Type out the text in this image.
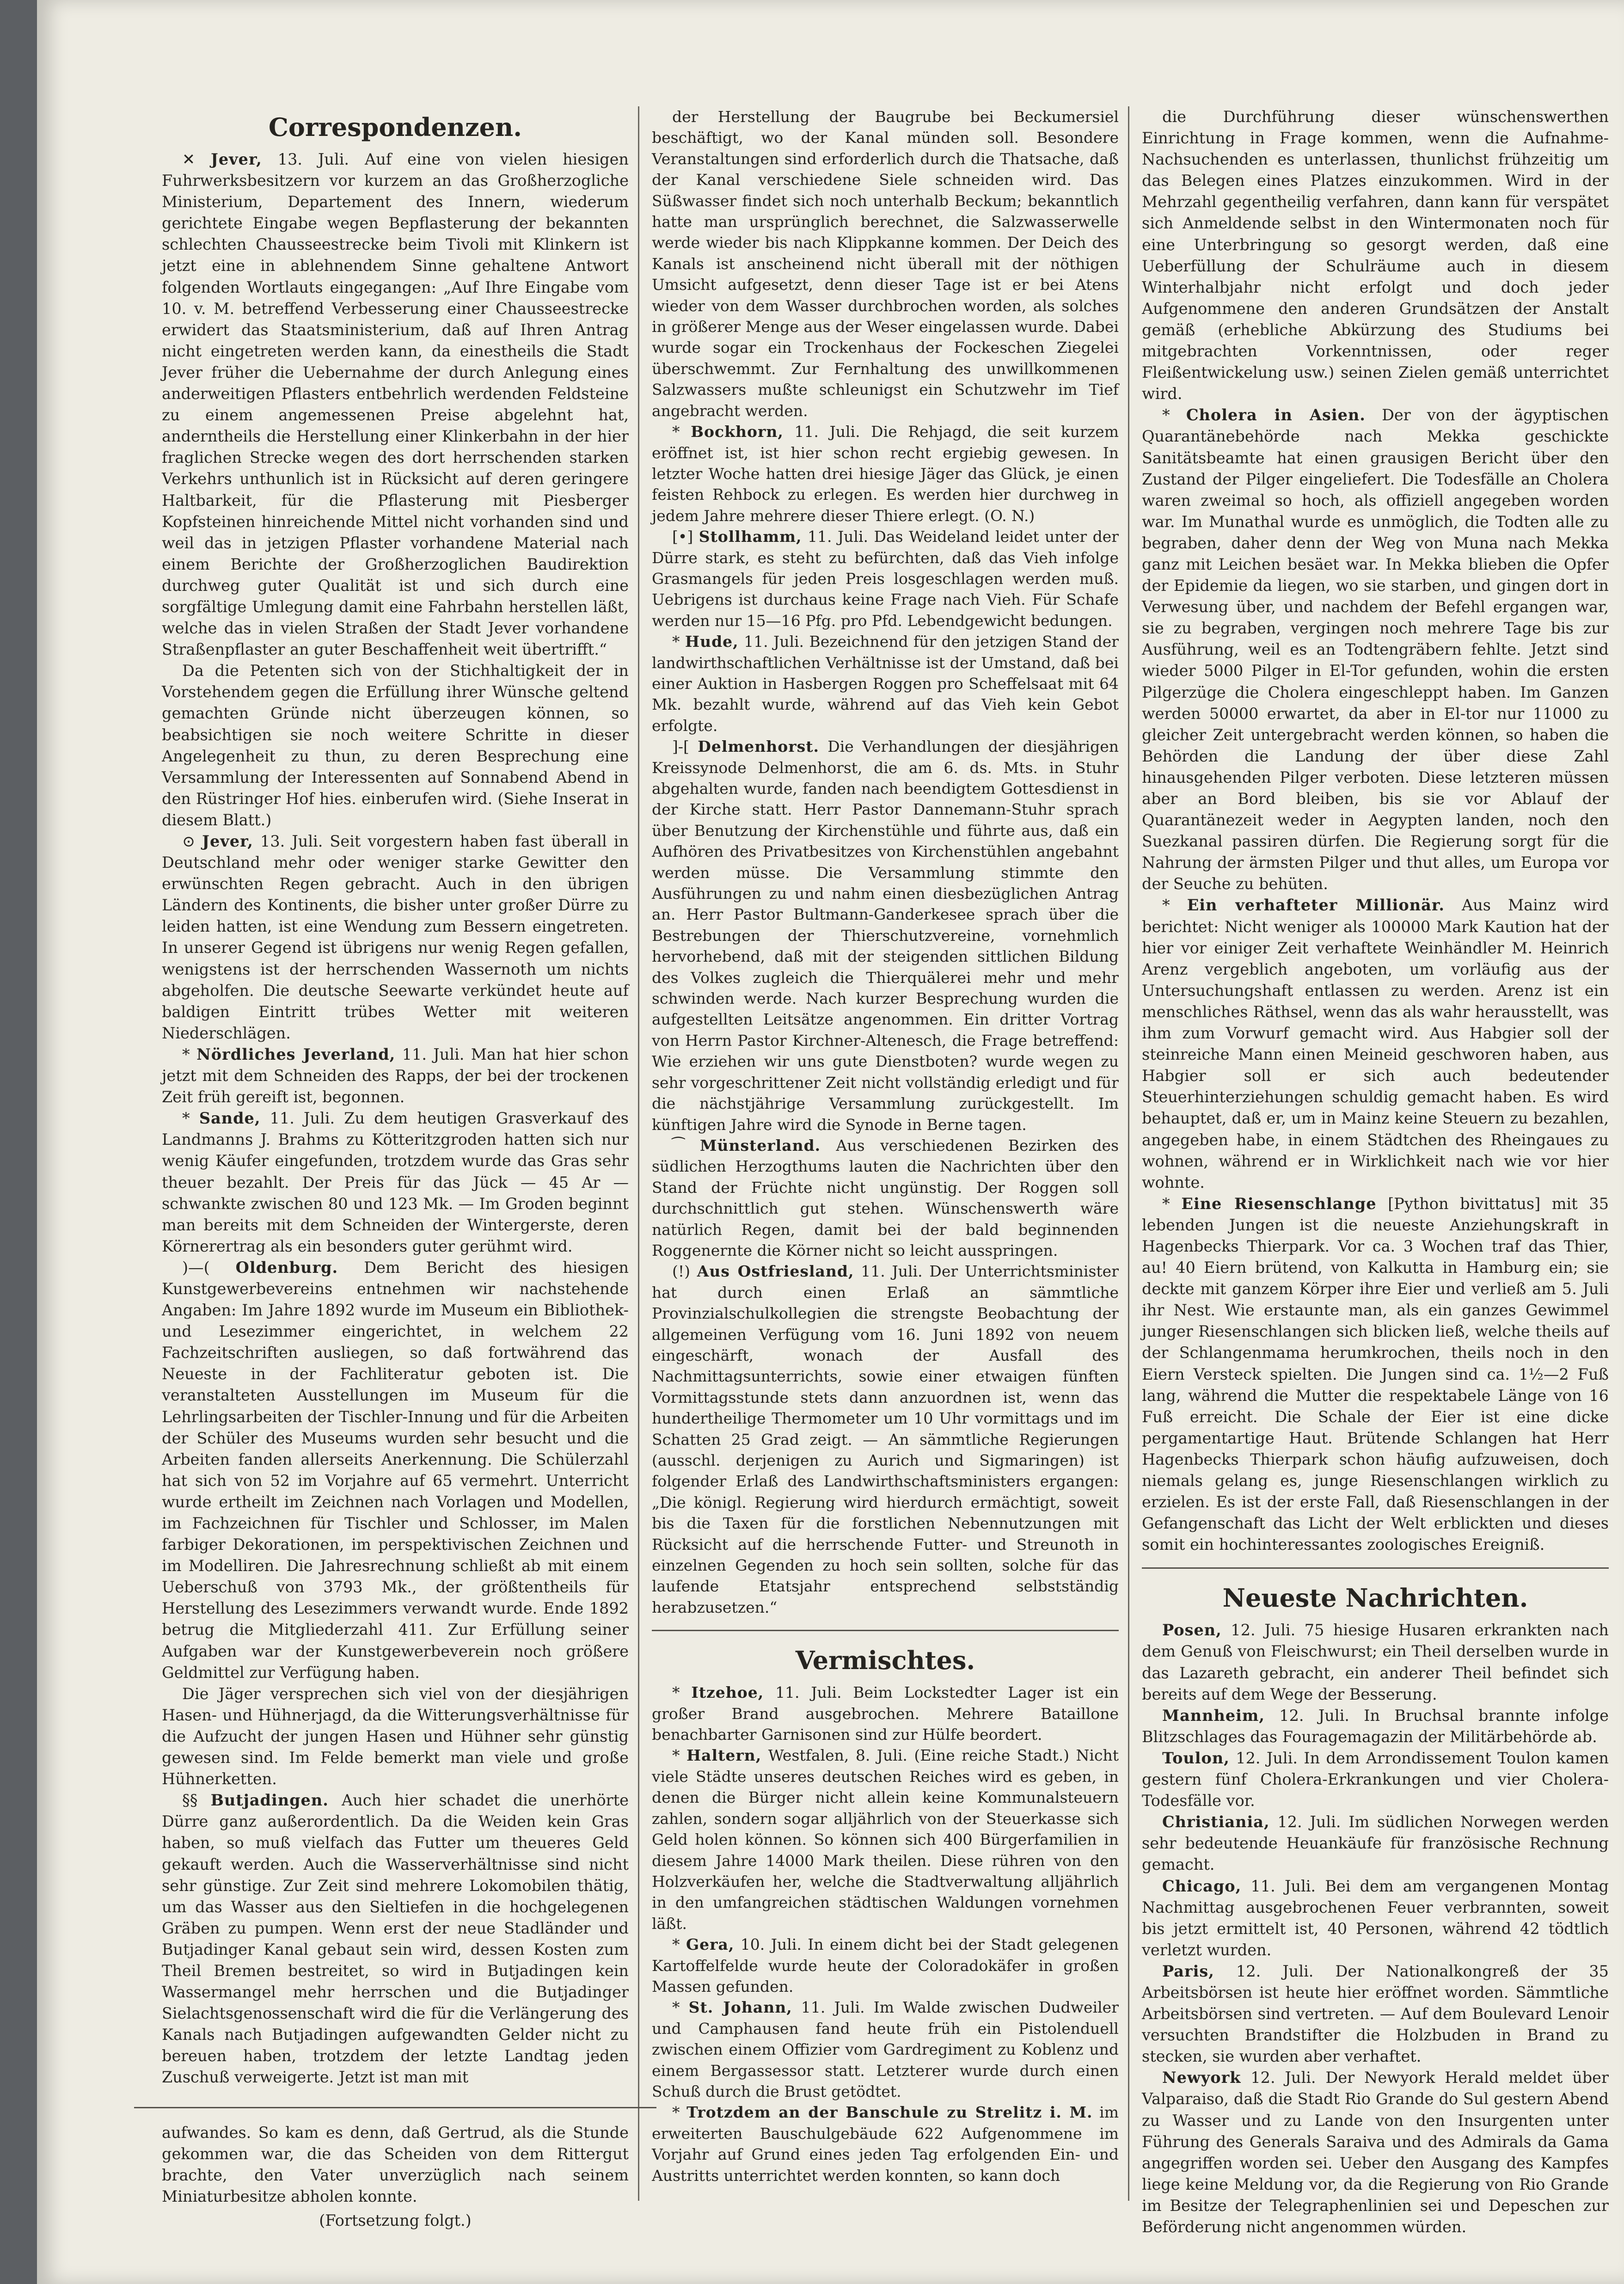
Correspondenzen.

✕ Jever, 13. Juli. Auf eine von vielen hiesigen Fuhrwerksbesitzern vor kurzem an das Großherzogliche Ministerium, Departement des Innern, wiederum gerichtete Eingabe wegen Bepflasterung der bekannten schlechten Chausseestrecke beim Tivoli mit Klinkern ist jetzt eine in ablehnendem Sinne gehaltene Antwort folgenden Wortlauts eingegangen: „Auf Ihre Eingabe vom 10. v. M. betreffend Verbesserung einer Chausseestrecke erwidert das Staatsministerium, daß auf Ihren Antrag nicht eingetreten werden kann, da einestheils die Stadt Jever früher die Uebernahme der durch Anlegung eines anderweitigen Pflasters entbehrlich werdenden Feldsteine zu einem angemessenen Preise abgelehnt hat, anderntheils die Herstellung einer Klinkerbahn in der hier fraglichen Strecke wegen des dort herrschenden starken Verkehrs unthunlich ist in Rücksicht auf deren geringere Haltbarkeit, für die Pflasterung mit Piesberger Kopfsteinen hinreichende Mittel nicht vorhanden sind und weil das in jetzigen Pflaster vorhandene Material nach einem Berichte der Großherzoglichen Baudirektion durchweg guter Qualität ist und sich durch eine sorgfältige Umlegung damit eine Fahrbahn herstellen läßt, welche das in vielen Straßen der Stadt Jever vorhandene Straßenpflaster an guter Beschaffenheit weit übertrifft.“

Da die Petenten sich von der Stichhaltigkeit der in Vorstehendem gegen die Erfüllung ihrer Wünsche geltend gemachten Gründe nicht überzeugen können, so beabsichtigen sie noch weitere Schritte in dieser Angelegenheit zu thun, zu deren Besprechung eine Versammlung der Interessenten auf Sonnabend Abend in den Rüstringer Hof hies. einberufen wird. (Siehe Inserat in diesem Blatt.)

⊙ Jever, 13. Juli. Seit vorgestern haben fast überall in Deutschland mehr oder weniger starke Gewitter den erwünschten Regen gebracht. Auch in den übrigen Ländern des Kontinents, die bisher unter großer Dürre zu leiden hatten, ist eine Wendung zum Bessern eingetreten. In unserer Gegend ist übrigens nur wenig Regen gefallen, wenigstens ist der herrschenden Wassernoth um nichts abgeholfen. Die deutsche Seewarte verkündet heute auf baldigen Eintritt trübes Wetter mit weiteren Niederschlägen.

* Nördliches Jeverland, 11. Juli. Man hat hier schon jetzt mit dem Schneiden des Rapps, der bei der trockenen Zeit früh gereift ist, begonnen.

* Sande, 11. Juli. Zu dem heutigen Grasverkauf des Landmanns J. Brahms zu Kötteritzgroden hatten sich nur wenig Käufer eingefunden, trotzdem wurde das Gras sehr theuer bezahlt. Der Preis für das Jück — 45 Ar — schwankte zwischen 80 und 123 Mk. — Im Groden beginnt man bereits mit dem Schneiden der Wintergerste, deren Körnerertrag als ein besonders guter gerühmt wird.

)—( Oldenburg. Dem Bericht des hiesigen Kunstgewerbevereins entnehmen wir nachstehende Angaben: Im Jahre 1892 wurde im Museum ein Bibliothek- und Lesezimmer eingerichtet, in welchem 22 Fachzeitschriften ausliegen, so daß fortwährend das Neueste in der Fachliteratur geboten ist. Die veranstalteten Ausstellungen im Museum für die Lehrlingsarbeiten der Tischler-Innung und für die Arbeiten der Schüler des Museums wurden sehr besucht und die Arbeiten fanden allerseits Anerkennung. Die Schülerzahl hat sich von 52 im Vorjahre auf 65 vermehrt. Unterricht wurde ertheilt im Zeichnen nach Vorlagen und Modellen, im Fachzeichnen für Tischler und Schlosser, im Malen farbiger Dekorationen, im perspektivischen Zeichnen und im Modelliren. Die Jahresrechnung schließt ab mit einem Ueberschuß von 3793 Mk., der größtentheils für Herstellung des Lesezimmers verwandt wurde. Ende 1892 betrug die Mitgliederzahl 411. Zur Erfüllung seiner Aufgaben war der Kunstgewerbeverein noch größere Geldmittel zur Verfügung haben.

Die Jäger versprechen sich viel von der diesjährigen Hasen- und Hühnerjagd, da die Witterungsverhältnisse für die Aufzucht der jungen Hasen und Hühner sehr günstig gewesen sind. Im Felde bemerkt man viele und große Hühnerketten.

§§ Butjadingen. Auch hier schadet die unerhörte Dürre ganz außerordentlich. Da die Weiden kein Gras haben, so muß vielfach das Futter um theueres Geld gekauft werden. Auch die Wasserverhältnisse sind nicht sehr günstige. Zur Zeit sind mehrere Lokomobilen thätig, um das Wasser aus den Sieltiefen in die hochgelegenen Gräben zu pumpen. Wenn erst der neue Stadländer und Butjadinger Kanal gebaut sein wird, dessen Kosten zum Theil Bremen bestreitet, so wird in Butjadingen kein Wassermangel mehr herrschen und die Butjadinger Sielachtsgenossenschaft wird die für die Verlängerung des Kanals nach Butjadingen aufgewandten Gelder nicht zu bereuen haben, trotzdem der letzte Landtag jeden Zuschuß verweigerte. Jetzt ist man mit

aufwandes. So kam es denn, daß Gertrud, als die Stunde gekommen war, die das Scheiden von dem Rittergut brachte, den Vater unverzüglich nach seinem Miniaturbesitze abholen konnte.

(Fortsetzung folgt.)

der Herstellung der Baugrube bei Beckumersiel beschäftigt, wo der Kanal münden soll. Besondere Veranstaltungen sind erforderlich durch die Thatsache, daß der Kanal verschiedene Siele schneiden wird. Das Süßwasser findet sich noch unterhalb Beckum; bekanntlich hatte man ursprünglich berechnet, die Salzwasserwelle werde wieder bis nach Klippkanne kommen. Der Deich des Kanals ist anscheinend nicht überall mit der nöthigen Umsicht aufgesetzt, denn dieser Tage ist er bei Atens wieder von dem Wasser durchbrochen worden, als solches in größerer Menge aus der Weser eingelassen wurde. Dabei wurde sogar ein Trockenhaus der Fockeschen Ziegelei überschwemmt. Zur Fernhaltung des unwillkommenen Salzwassers mußte schleunigst ein Schutzwehr im Tief angebracht werden.

* Bockhorn, 11. Juli. Die Rehjagd, die seit kurzem eröffnet ist, ist hier schon recht ergiebig gewesen. In letzter Woche hatten drei hiesige Jäger das Glück, je einen feisten Rehbock zu erlegen. Es werden hier durchweg in jedem Jahre mehrere dieser Thiere erlegt. (O. N.)

[•] Stollhamm, 11. Juli. Das Weideland leidet unter der Dürre stark, es steht zu befürchten, daß das Vieh infolge Grasmangels für jeden Preis losgeschlagen werden muß. Uebrigens ist durchaus keine Frage nach Vieh. Für Schafe werden nur 15—16 Pfg. pro Pfd. Lebendgewicht bedungen.

* Hude, 11. Juli. Bezeichnend für den jetzigen Stand der landwirthschaftlichen Verhältnisse ist der Umstand, daß bei einer Auktion in Hasbergen Roggen pro Scheffelsaat mit 64 Mk. bezahlt wurde, während auf das Vieh kein Gebot erfolgte.

]-[ Delmenhorst. Die Verhandlungen der diesjährigen Kreissynode Delmenhorst, die am 6. ds. Mts. in Stuhr abgehalten wurde, fanden nach beendigtem Gottesdienst in der Kirche statt. Herr Pastor Dannemann-Stuhr sprach über Benutzung der Kirchenstühle und führte aus, daß ein Aufhören des Privatbesitzes von Kirchenstühlen angebahnt werden müsse. Die Versammlung stimmte den Ausführungen zu und nahm einen diesbezüglichen Antrag an. Herr Pastor Bultmann-Ganderkesee sprach über die Bestrebungen der Thierschutzvereine, vornehmlich hervorhebend, daß mit der steigenden sittlichen Bildung des Volkes zugleich die Thierquälerei mehr und mehr schwinden werde. Nach kurzer Besprechung wurden die aufgestellten Leitsätze angenommen. Ein dritter Vortrag von Herrn Pastor Kirchner-Altenesch, die Frage betreffend: Wie erziehen wir uns gute Dienstboten? wurde wegen zu sehr vorgeschrittener Zeit nicht vollständig erledigt und für die nächstjährige Versammlung zurückgestellt. Im künftigen Jahre wird die Synode in Berne tagen.

⁀ Münsterland. Aus verschiedenen Bezirken des südlichen Herzogthums lauten die Nachrichten über den Stand der Früchte nicht ungünstig. Der Roggen soll durchschnittlich gut stehen. Wünschenswerth wäre natürlich Regen, damit bei der bald beginnenden Roggenernte die Körner nicht so leicht ausspringen.

(!) Aus Ostfriesland, 11. Juli. Der Unterrichtsminister hat durch einen Erlaß an sämmtliche Provinzialschulkollegien die strengste Beobachtung der allgemeinen Verfügung vom 16. Juni 1892 von neuem eingeschärft, wonach der Ausfall des Nachmittagsunterrichts, sowie einer etwaigen fünften Vormittagsstunde stets dann anzuordnen ist, wenn das hundertheilige Thermometer um 10 Uhr vormittags und im Schatten 25 Grad zeigt. — An sämmtliche Regierungen (ausschl. derjenigen zu Aurich und Sigmaringen) ist folgender Erlaß des Landwirthschaftsministers ergangen: „Die königl. Regierung wird hierdurch ermächtigt, soweit bis die Taxen für die forstlichen Nebennutzungen mit Rücksicht auf die herrschende Futter- und Streunoth in einzelnen Gegenden zu hoch sein sollten, solche für das laufende Etatsjahr entsprechend selbstständig herabzusetzen.“

Vermischtes.

* Itzehoe, 11. Juli. Beim Lockstedter Lager ist ein großer Brand ausgebrochen. Mehrere Bataillone benachbarter Garnisonen sind zur Hülfe beordert.

* Haltern, Westfalen, 8. Juli. (Eine reiche Stadt.) Nicht viele Städte unseres deutschen Reiches wird es geben, in denen die Bürger nicht allein keine Kommunalsteuern zahlen, sondern sogar alljährlich von der Steuerkasse sich Geld holen können. So können sich 400 Bürgerfamilien in diesem Jahre 14000 Mark theilen. Diese rühren von den Holzverkäufen her, welche die Stadtverwaltung alljährlich in den umfangreichen städtischen Waldungen vornehmen läßt.

* Gera, 10. Juli. In einem dicht bei der Stadt gelegenen Kartoffelfelde wurde heute der Coloradokäfer in großen Massen gefunden.

* St. Johann, 11. Juli. Im Walde zwischen Dudweiler und Camphausen fand heute früh ein Pistolenduell zwischen einem Offizier vom Gardregiment zu Koblenz und einem Bergassessor statt. Letzterer wurde durch einen Schuß durch die Brust getödtet.

* Trotzdem an der Banschule zu Strelitz i. M. im erweiterten Bauschulgebäude 622 Aufgenommene im Vorjahr auf Grund eines jeden Tag erfolgenden Ein- und Austritts unterrichtet werden konnten, so kann doch

die Durchführung dieser wünschenswerthen Einrichtung in Frage kommen, wenn die Aufnahme-Nachsuchenden es unterlassen, thunlichst frühzeitig um das Belegen eines Platzes einzukommen. Wird in der Mehrzahl gegentheilig verfahren, dann kann für verspätet sich Anmeldende selbst in den Wintermonaten noch für eine Unterbringung so gesorgt werden, daß eine Ueberfüllung der Schulräume auch in diesem Winterhalbjahr nicht erfolgt und doch jeder Aufgenommene den anderen Grundsätzen der Anstalt gemäß (erhebliche Abkürzung des Studiums bei mitgebrachten Vorkenntnissen, oder reger Fleißentwickelung usw.) seinen Zielen gemäß unterrichtet wird.

* Cholera in Asien. Der von der ägyptischen Quarantänebehörde nach Mekka geschickte Sanitätsbeamte hat einen grausigen Bericht über den Zustand der Pilger eingeliefert. Die Todesfälle an Cholera waren zweimal so hoch, als offiziell angegeben worden war. Im Munathal wurde es unmöglich, die Todten alle zu begraben, daher denn der Weg von Muna nach Mekka ganz mit Leichen besäet war. In Mekka blieben die Opfer der Epidemie da liegen, wo sie starben, und gingen dort in Verwesung über, und nachdem der Befehl ergangen war, sie zu begraben, vergingen noch mehrere Tage bis zur Ausführung, weil es an Todtengräbern fehlte. Jetzt sind wieder 5000 Pilger in El-Tor gefunden, wohin die ersten Pilgerzüge die Cholera eingeschleppt haben. Im Ganzen werden 50000 erwartet, da aber in El-tor nur 11000 zu gleicher Zeit untergebracht werden können, so haben die Behörden die Landung der über diese Zahl hinausgehenden Pilger verboten. Diese letzteren müssen aber an Bord bleiben, bis sie vor Ablauf der Quarantänezeit weder in Aegypten landen, noch den Suezkanal passiren dürfen. Die Regierung sorgt für die Nahrung der ärmsten Pilger und thut alles, um Europa vor der Seuche zu behüten.

* Ein verhafteter Millionär. Aus Mainz wird berichtet: Nicht weniger als 100000 Mark Kaution hat der hier vor einiger Zeit verhaftete Weinhändler M. Heinrich Arenz vergeblich angeboten, um vorläufig aus der Untersuchungshaft entlassen zu werden. Arenz ist ein menschliches Räthsel, wenn das als wahr herausstellt, was ihm zum Vorwurf gemacht wird. Aus Habgier soll der steinreiche Mann einen Meineid geschworen haben, aus Habgier soll er sich auch bedeutender Steuerhinterziehungen schuldig gemacht haben. Es wird behauptet, daß er, um in Mainz keine Steuern zu bezahlen, angegeben habe, in einem Städtchen des Rheingaues zu wohnen, während er in Wirklichkeit nach wie vor hier wohnte.

* Eine Riesenschlange [Python bivittatus] mit 35 lebenden Jungen ist die neueste Anziehungskraft in Hagenbecks Thierpark. Vor ca. 3 Wochen traf das Thier, au! 40 Eiern brütend, von Kalkutta in Hamburg ein; sie deckte mit ganzem Körper ihre Eier und verließ am 5. Juli ihr Nest. Wie erstaunte man, als ein ganzes Gewimmel junger Riesenschlangen sich blicken ließ, welche theils auf der Schlangenmama herumkrochen, theils noch in den Eiern Versteck spielten. Die Jungen sind ca. 1½—2 Fuß lang, während die Mutter die respektabele Länge von 16 Fuß erreicht. Die Schale der Eier ist eine dicke pergamentartige Haut. Brütende Schlangen hat Herr Hagenbecks Thierpark schon häufig aufzuweisen, doch niemals gelang es, junge Riesenschlangen wirklich zu erzielen. Es ist der erste Fall, daß Riesenschlangen in der Gefangenschaft das Licht der Welt erblickten und dieses somit ein hochinteressantes zoologisches Ereigniß.

Neueste Nachrichten.

Posen, 12. Juli. 75 hiesige Husaren erkrankten nach dem Genuß von Fleischwurst; ein Theil derselben wurde in das Lazareth gebracht, ein anderer Theil befindet sich bereits auf dem Wege der Besserung.

Mannheim, 12. Juli. In Bruchsal brannte infolge Blitzschlages das Fouragemagazin der Militärbehörde ab.

Toulon, 12. Juli. In dem Arrondissement Toulon kamen gestern fünf Cholera-Erkrankungen und vier Cholera-Todesfälle vor.

Christiania, 12. Juli. Im südlichen Norwegen werden sehr bedeutende Heuankäufe für französische Rechnung gemacht.

Chicago, 11. Juli. Bei dem am vergangenen Montag Nachmittag ausgebrochenen Feuer verbrannten, soweit bis jetzt ermittelt ist, 40 Personen, während 42 tödtlich verletzt wurden.

Paris, 12. Juli. Der Nationalkongreß der 35 Arbeitsbörsen ist heute hier eröffnet worden. Sämmtliche Arbeitsbörsen sind vertreten. — Auf dem Boulevard Lenoir versuchten Brandstifter die Holzbuden in Brand zu stecken, sie wurden aber verhaftet.

Newyork 12. Juli. Der Newyork Herald meldet über Valparaiso, daß die Stadt Rio Grande do Sul gestern Abend zu Wasser und zu Lande von den Insurgenten unter Führung des Generals Saraiva und des Admirals da Gama angegriffen worden sei. Ueber den Ausgang des Kampfes liege keine Meldung vor, da die Regierung von Rio Grande im Besitze der Telegraphenlinien sei und Depeschen zur Beförderung nicht angenommen würden.
